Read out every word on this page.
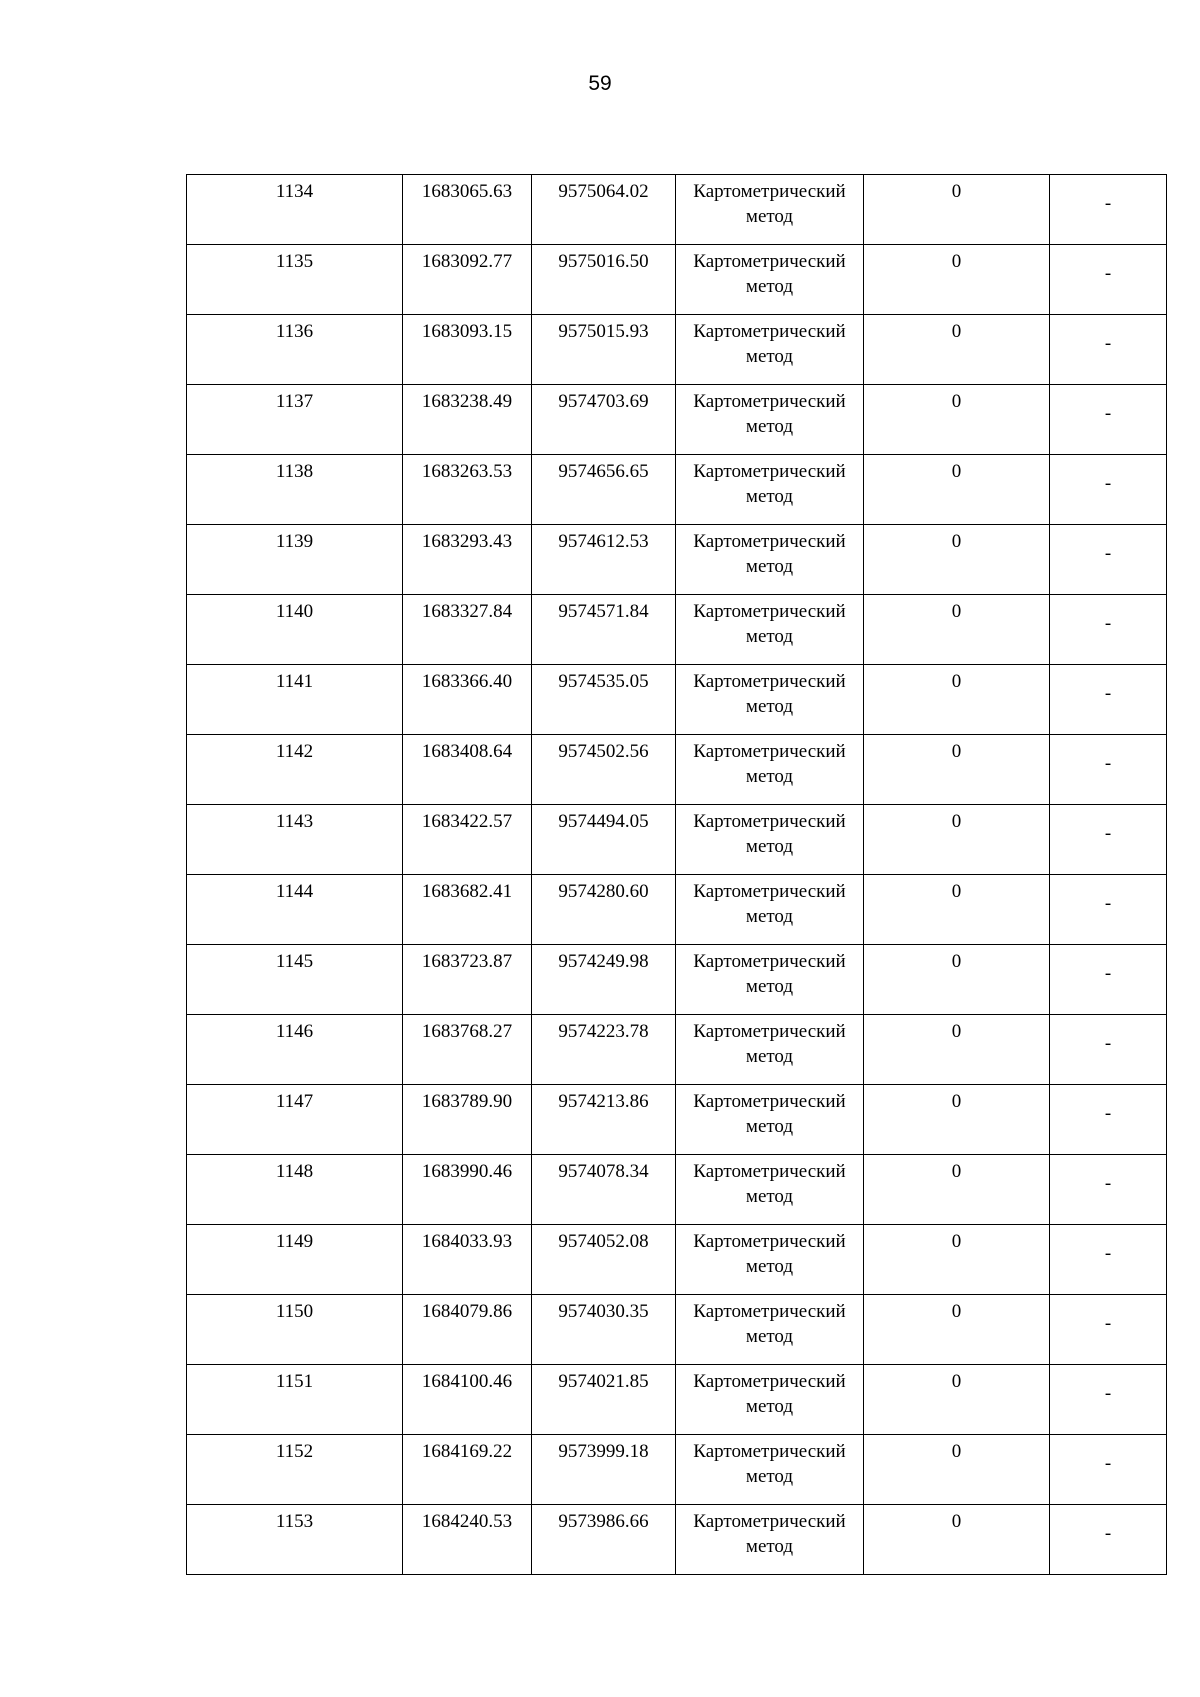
59
1134	1683065.63	9575064.02	Картометрический
метод	0	-

1135	1683092.77	9575016.50	Картометрический
метод	0	-

1136	1683093.15	9575015.93	Картометрический
метод	0	-

1137	1683238.49	9574703.69	Картометрический
метод	0	-

1138	1683263.53	9574656.65	Картометрический
метод	0	-

1139	1683293.43	9574612.53	Картометрический
метод	0	-

1140	1683327.84	9574571.84	Картометрический
метод	0	-

1141	1683366.40	9574535.05	Картометрический
метод	0	-

1142	1683408.64	9574502.56	Картометрический
метод	0	-

1143	1683422.57	9574494.05	Картометрический
метод	0	-

1144	1683682.41	9574280.60	Картометрический
метод	0	-

1145	1683723.87	9574249.98	Картометрический
метод	0	-

1146	1683768.27	9574223.78	Картометрический
метод	0	-

1147	1683789.90	9574213.86	Картометрический
метод	0	-

1148	1683990.46	9574078.34	Картометрический
метод	0	-

1149	1684033.93	9574052.08	Картометрический
метод	0	-

1150	1684079.86	9574030.35	Картометрический
метод	0	-

1151	1684100.46	9574021.85	Картометрический
метод	0	-

1152	1684169.22	9573999.18	Картометрический
метод	0	-

1153	1684240.53	9573986.66	Картометрический
метод	0	-
